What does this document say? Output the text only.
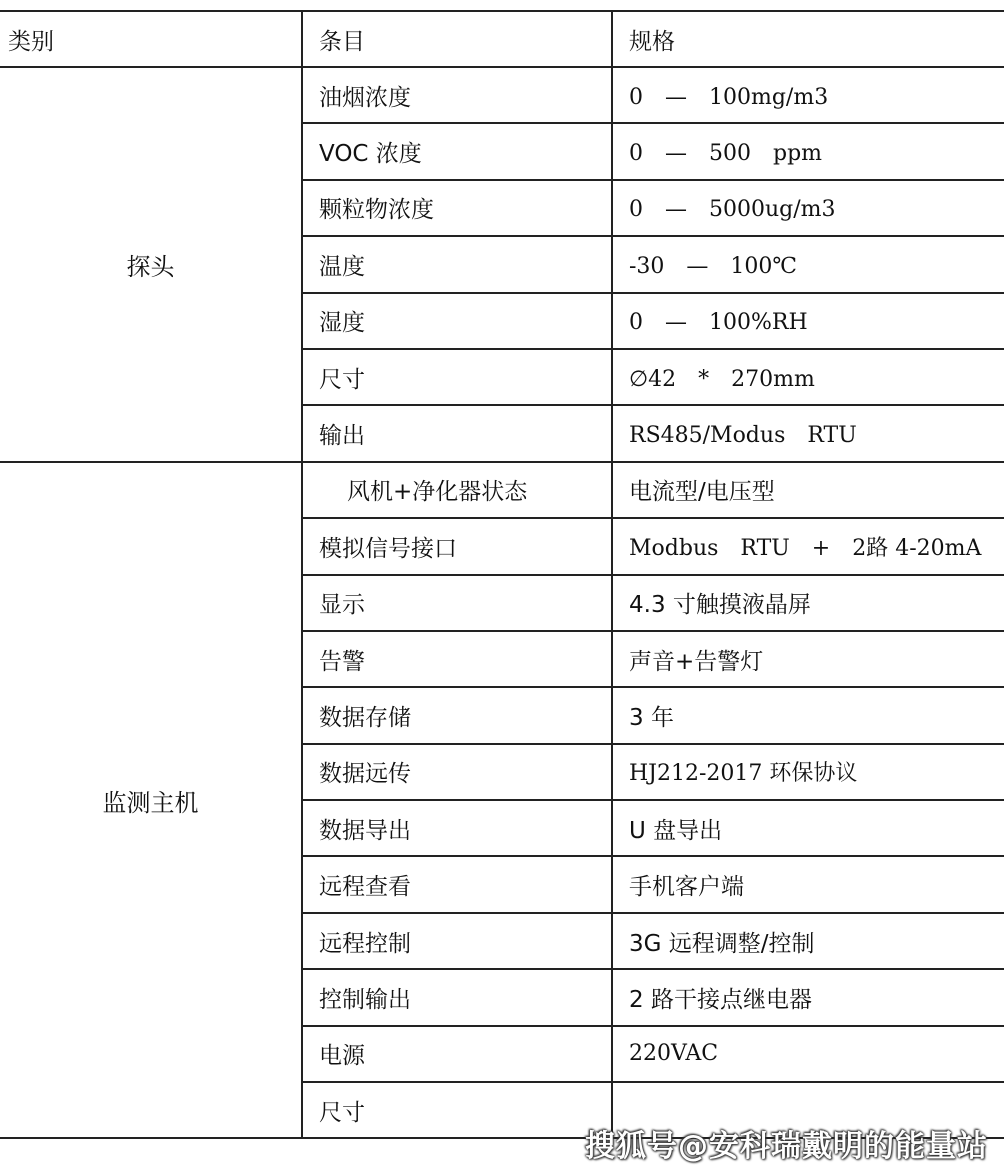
类别	条目	规格
探头	油烟浓度	0　—　100mg/m3
	VOC 浓度	0　—　500　ppm
	颗粒物浓度	0　—　5000ug/m3
	温度	-30　—　100℃
	湿度	0　—　100%RH
	尺寸	∅42　*　270mm
	输出	RS485/Modus　RTU
监测主机	风机+净化器状态	电流型/电压型
	模拟信号接口	Modbus　RTU　+　2路 4-20mA
	显示	4.3 寸触摸液晶屏
	告警	声音+告警灯
	数据存储	3 年
	数据远传	HJ212-2017 环保协议
	数据导出	U 盘导出
	远程查看	手机客户端
	远程控制	3G 远程调整/控制
	控制输出	2 路干接点继电器
	电源	220VAC
	尺寸	
搜狐号@安科瑞戴明的能量站
